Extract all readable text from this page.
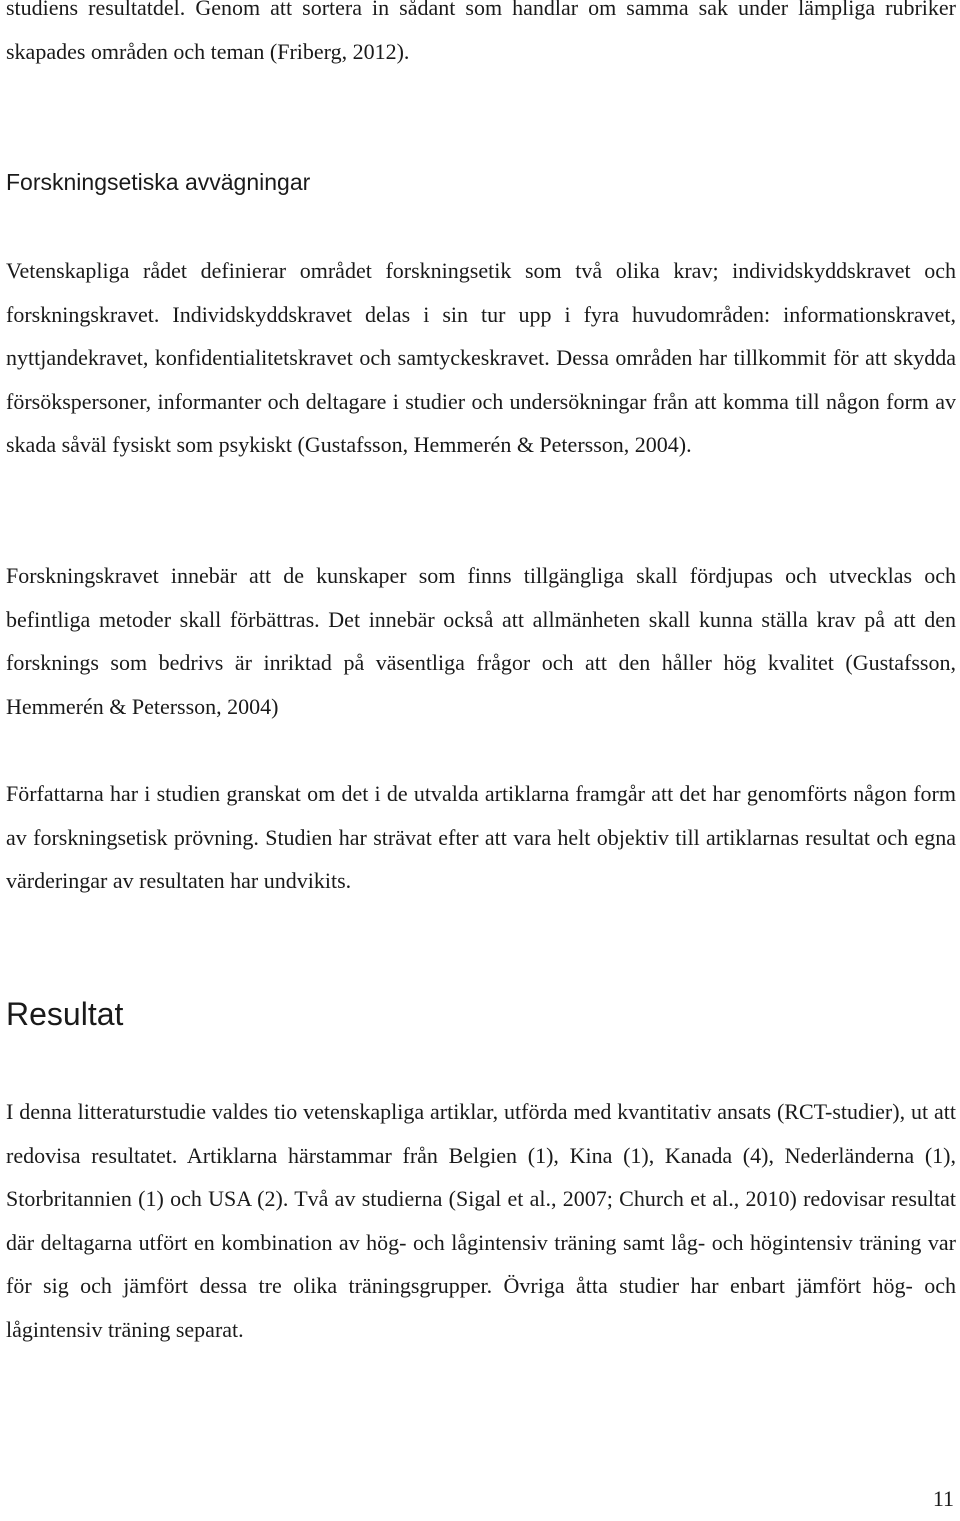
studiens resultatdel. Genom att sortera in sådant som handlar om samma sak under lämpliga rubriker skapades områden och teman (Friberg, 2012).

Forskningsetiska avvägningar

Vetenskapliga rådet definierar området forskningsetik som två olika krav; individskyddskravet och forskningskravet. Individskyddskravet delas i sin tur upp i fyra huvudområden: informationskravet, nyttjandekravet, konfidentialitetskravet och samtyckeskravet. Dessa områden har tillkommit för att skydda försökspersoner, informanter och deltagare i studier och undersökningar från att komma till någon form av skada såväl fysiskt som psykiskt (Gustafsson, Hemmerén & Petersson, 2004).

Forskningskravet innebär att de kunskaper som finns tillgängliga skall fördjupas och utvecklas och befintliga metoder skall förbättras. Det innebär också att allmänheten skall kunna ställa krav på att den forsknings som bedrivs är inriktad på väsentliga frågor och att den håller hög kvalitet (Gustafsson, Hemmerén & Petersson, 2004)

Författarna har i studien granskat om det i de utvalda artiklarna framgår att det har genomförts någon form av forskningsetisk prövning. Studien har strävat efter att vara helt objektiv till artiklarnas resultat och egna värderingar av resultaten har undvikits.

Resultat

I denna litteraturstudie valdes tio vetenskapliga artiklar, utförda med kvantitativ ansats (RCT-studier), ut att redovisa resultatet. Artiklarna härstammar från Belgien (1), Kina (1), Kanada (4), Nederländerna (1), Storbritannien (1) och USA (2). Två av studierna (Sigal et al., 2007; Church et al., 2010) redovisar resultat där deltagarna utfört en kombination av hög- och lågintensiv träning samt låg- och högintensiv träning var för sig och jämfört dessa tre olika träningsgrupper. Övriga åtta studier har enbart jämfört hög- och lågintensiv träning separat.

11
